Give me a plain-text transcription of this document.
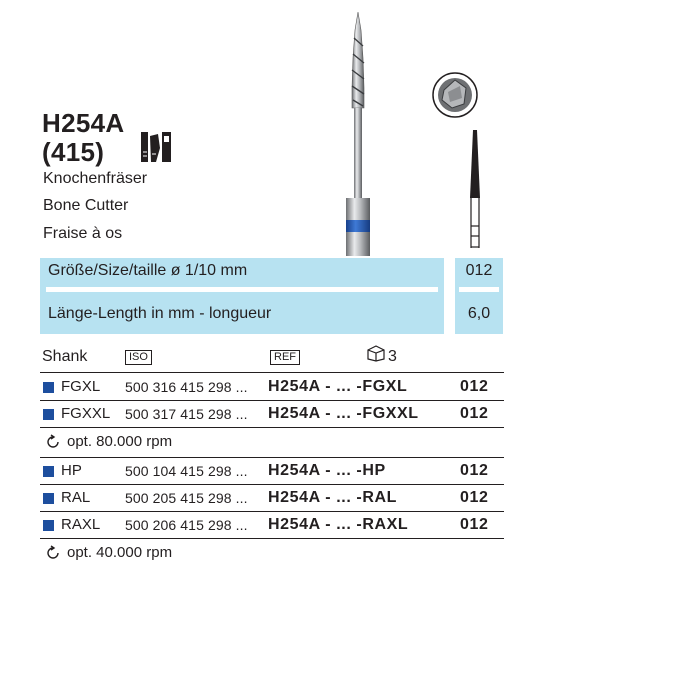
H254A
(415)
Knochenfräser
Bone Cutter
Fraise à os
Größe/Size/taille ø 1/10 mm	012
Länge-Length in mm - longueur	6,0
Shank	ISO	REF	3
FGXL 500 316 415 298 ... H254A - ... -FGXL	012
FGXXL 500 317 415 298 ... H254A - ... -FGXXL	012
opt. 80.000 rpm
HP	500 104 415 298 ... H254A - ... -HP	012
RAL 500 205 415 298 ... H254A - ... -RAL	012
RAXL 500 206 415 298 ... H254A - ... -RAXL	012
opt. 40.000 rpm
